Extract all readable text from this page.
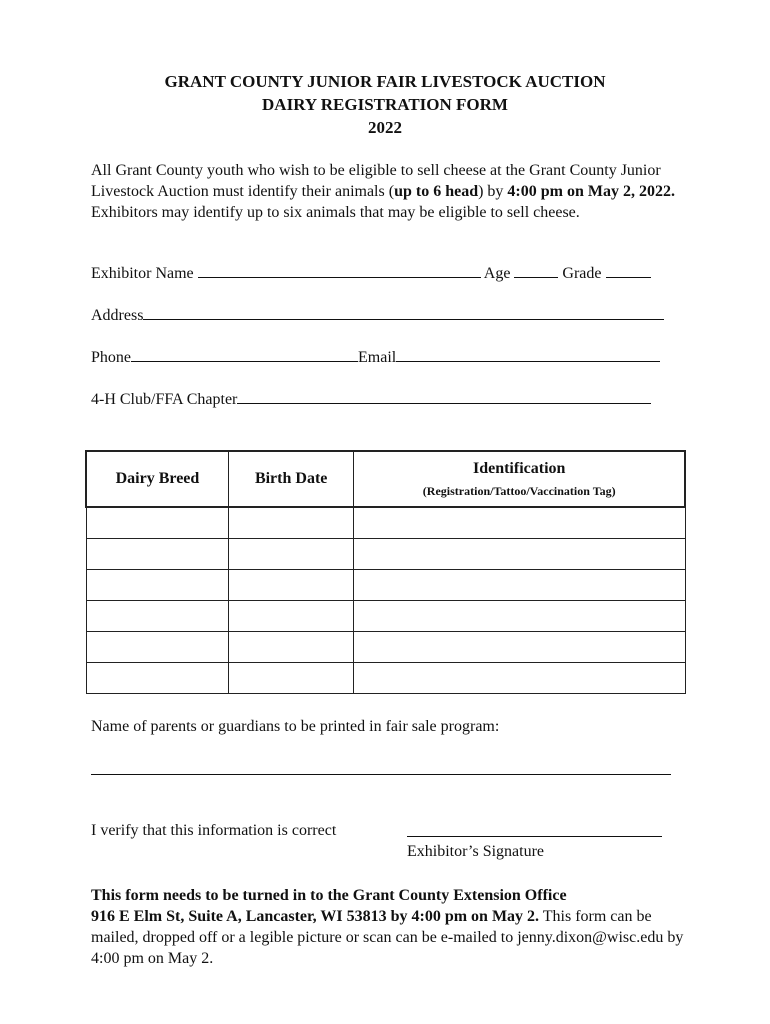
GRANT COUNTY JUNIOR FAIR LIVESTOCK AUCTION
DAIRY REGISTRATION FORM
2022
All Grant County youth who wish to be eligible to sell cheese at the Grant County Junior Livestock Auction must identify their animals (up to 6 head) by 4:00 pm on May 2, 2022. Exhibitors may identify up to six animals that may be eligible to sell cheese.
Exhibitor Name	Age	Grade
Address
Phone	Email
4-H Club/FFA Chapter
Dairy Breed	Birth Date	Identification
(Registration/Tattoo/Vaccination Tag)

Name of parents or guardians to be printed in fair sale program:
I verify that this information is correct
Exhibitor’s Signature
This form needs to be turned in to the Grant County Extension Office
916 E Elm St, Suite A, Lancaster, WI 53813 by 4:00 pm on May 2. This form can be mailed, dropped off or a legible picture or scan can be e-mailed to jenny.dixon@wisc.edu by 4:00 pm on May 2.
